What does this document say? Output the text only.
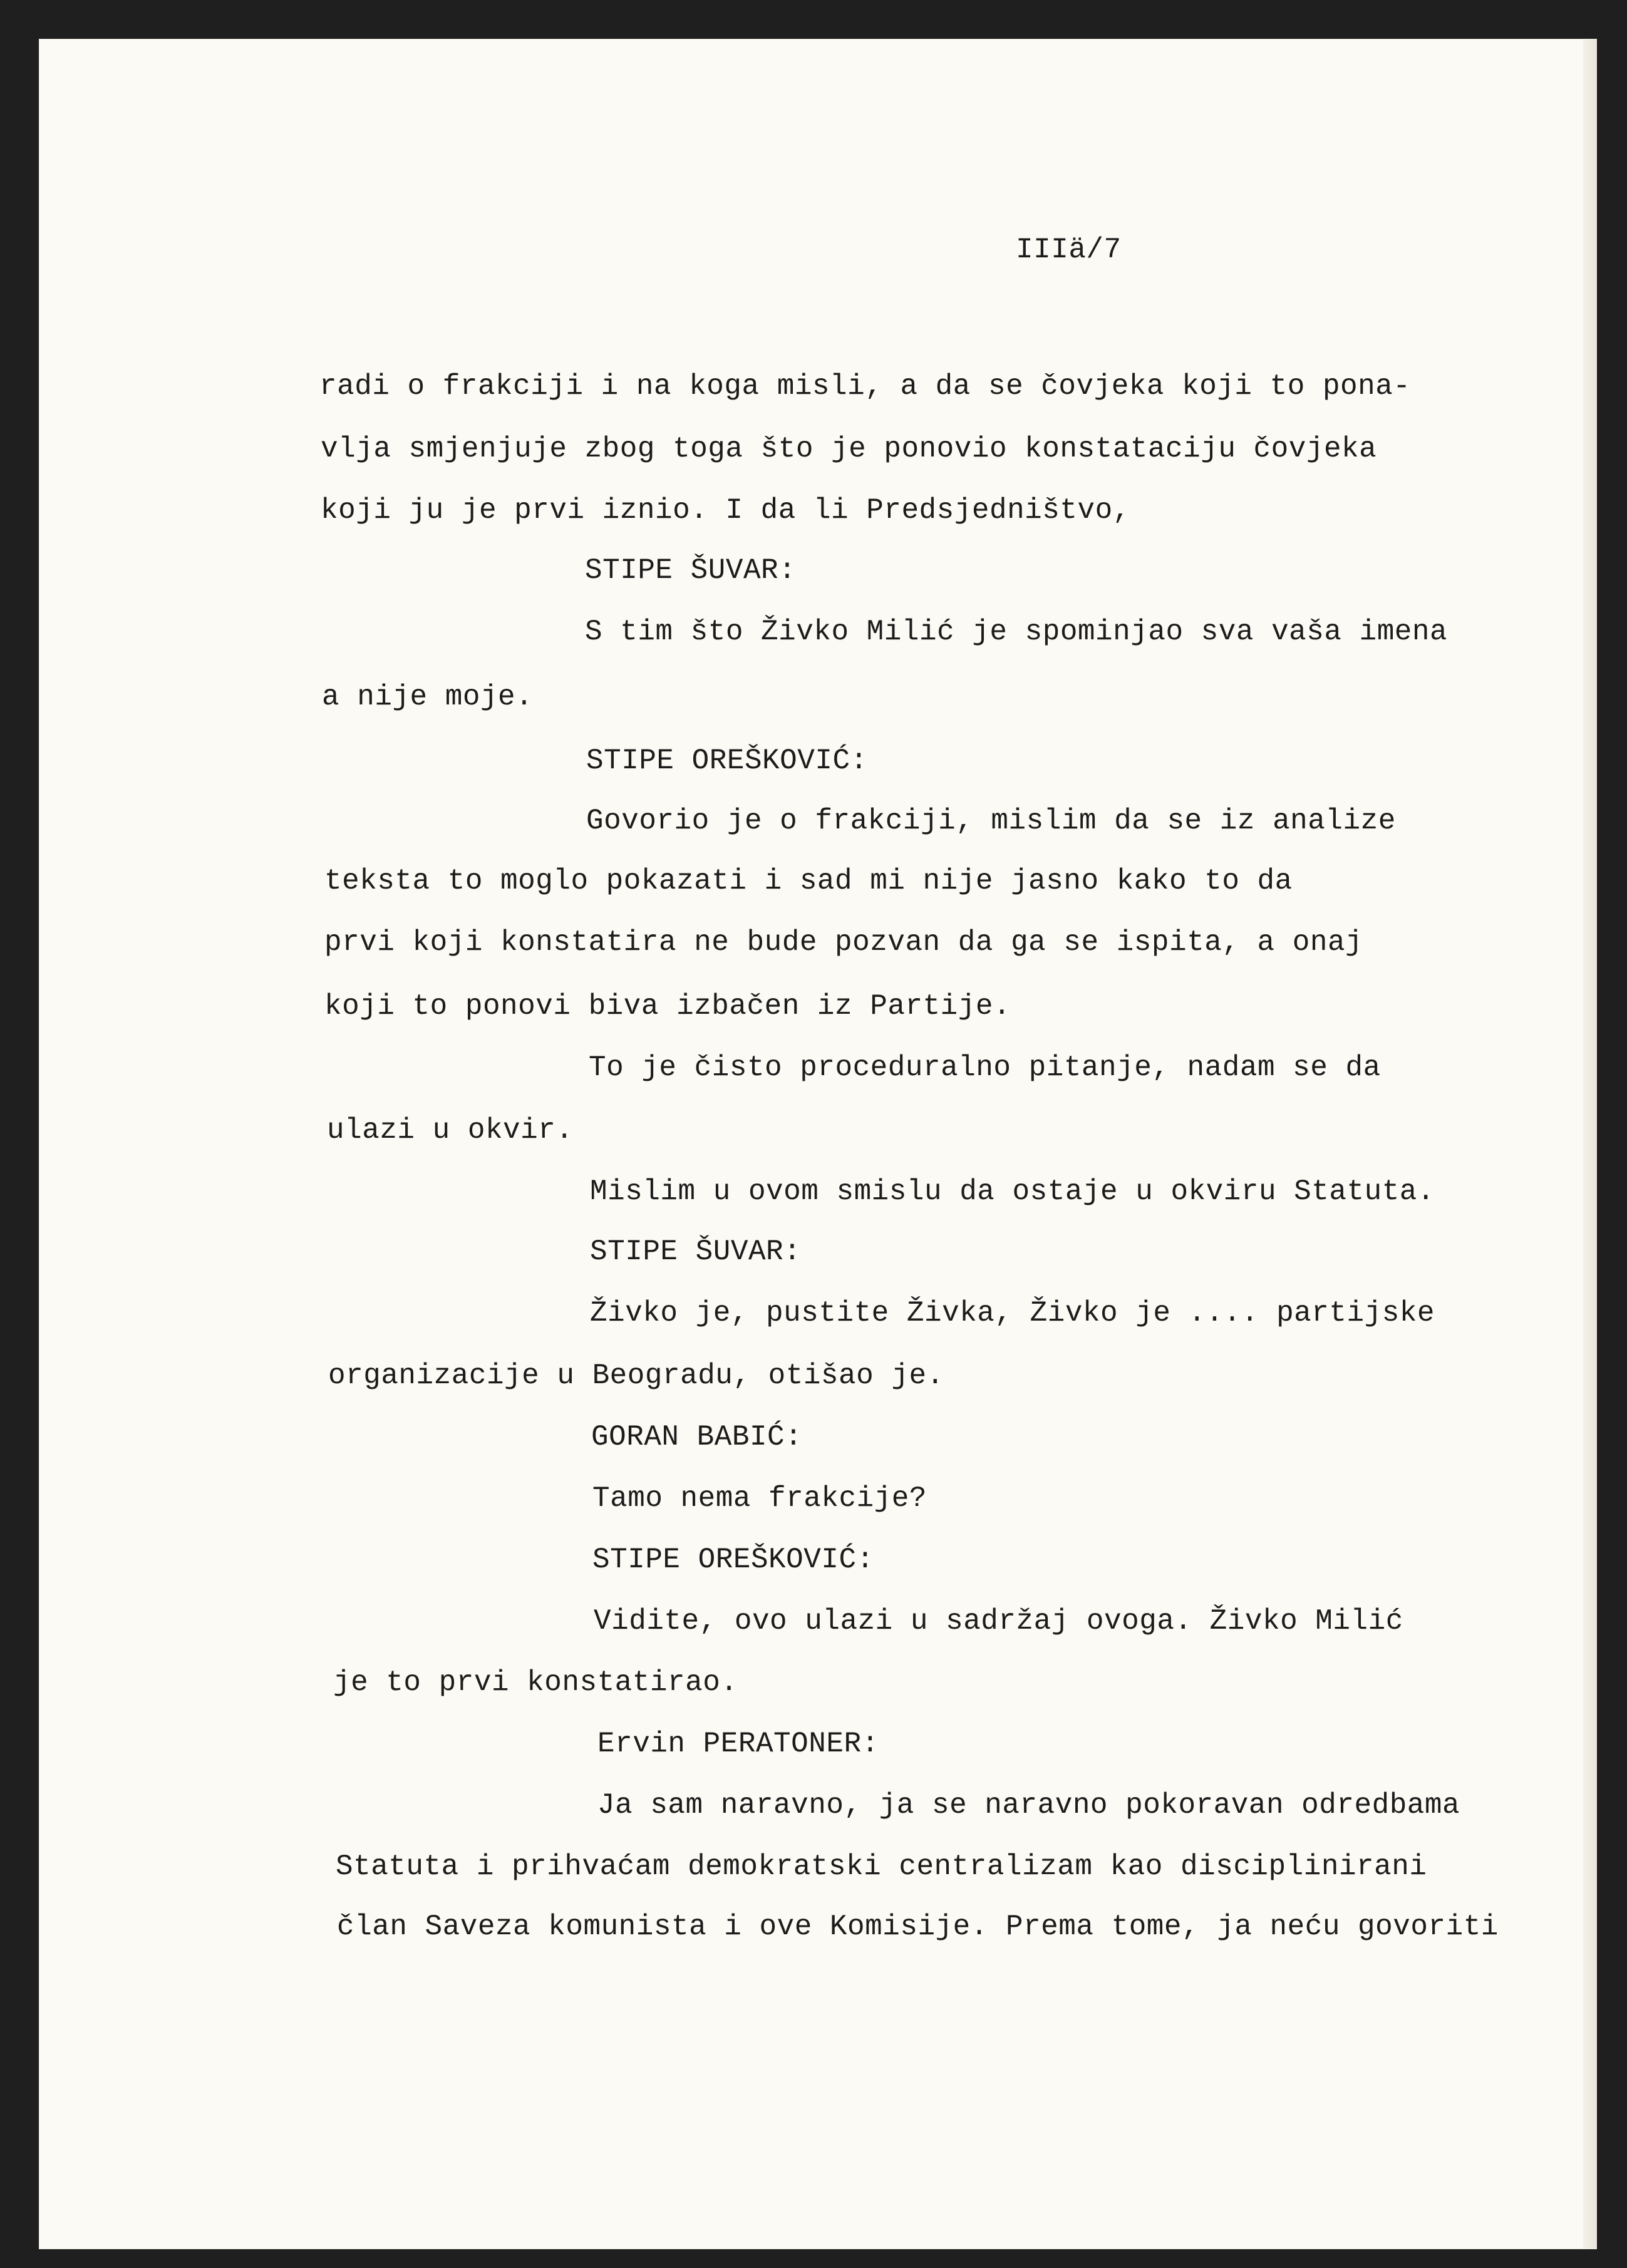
IIIä/7
radi o frakciji i na koga misli, a da se čovjeka koji to pona-
vlja smjenjuje zbog toga što je ponovio konstataciju čovjeka
koji ju je prvi iznio. I da li Predsjedništvo,
STIPE ŠUVAR:
S tim što Živko Milić je spominjao sva vaša imena
a nije moje.
STIPE OREŠKOVIĆ:
Govorio je o frakciji, mislim da se iz analize
teksta to moglo pokazati i sad mi nije jasno kako to da
prvi koji konstatira ne bude pozvan da ga se ispita, a onaj
koji to ponovi biva izbačen iz Partije.
To je čisto proceduralno pitanje, nadam se da
ulazi u okvir.
Mislim u ovom smislu da ostaje u okviru Statuta.
STIPE ŠUVAR:
Živko je, pustite Živka, Živko je .... partijske
organizacije u Beogradu, otišao je.
GORAN BABIĆ:
Tamo nema frakcije?
STIPE OREŠKOVIĆ:
Vidite, ovo ulazi u sadržaj ovoga. Živko Milić
je to prvi konstatirao.
Ervin PERATONER:
Ja sam naravno, ja se naravno pokoravan odredbama
Statuta i prihvaćam demokratski centralizam kao disciplinirani
član Saveza komunista i ove Komisije. Prema tome, ja neću govoriti
